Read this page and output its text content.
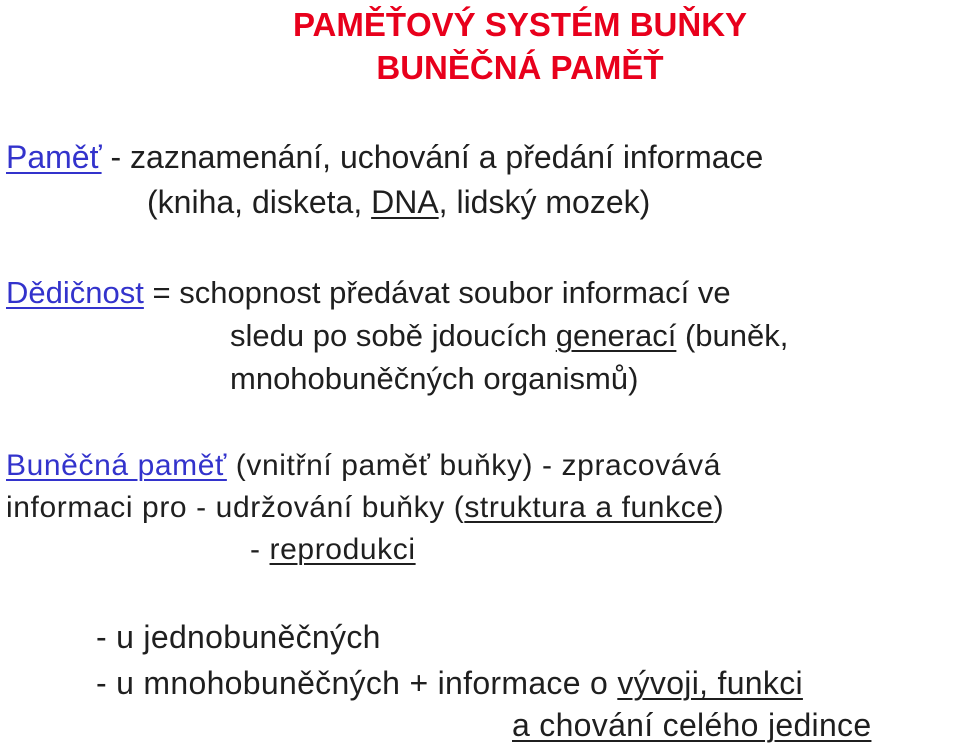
PAMĚŤOVÝ SYSTÉM BUŇKY
BUNĚČNÁ PAMĚŤ
Paměť - zaznamenání, uchování a předání informace
(kniha, disketa, DNA, lidský mozek)
Dědičnost = schopnost předávat soubor informací ve
sledu po sobě jdoucích generací (buněk,
mnohobuněčných organismů)
Buněčná paměť (vnitřní paměť buňky) - zpracovává
informaci pro - udržování buňky (struktura a funkce)
- reprodukci
- u jednobuněčných
- u mnohobuněčných + informace o vývoji, funkci
a chování celého jedince
